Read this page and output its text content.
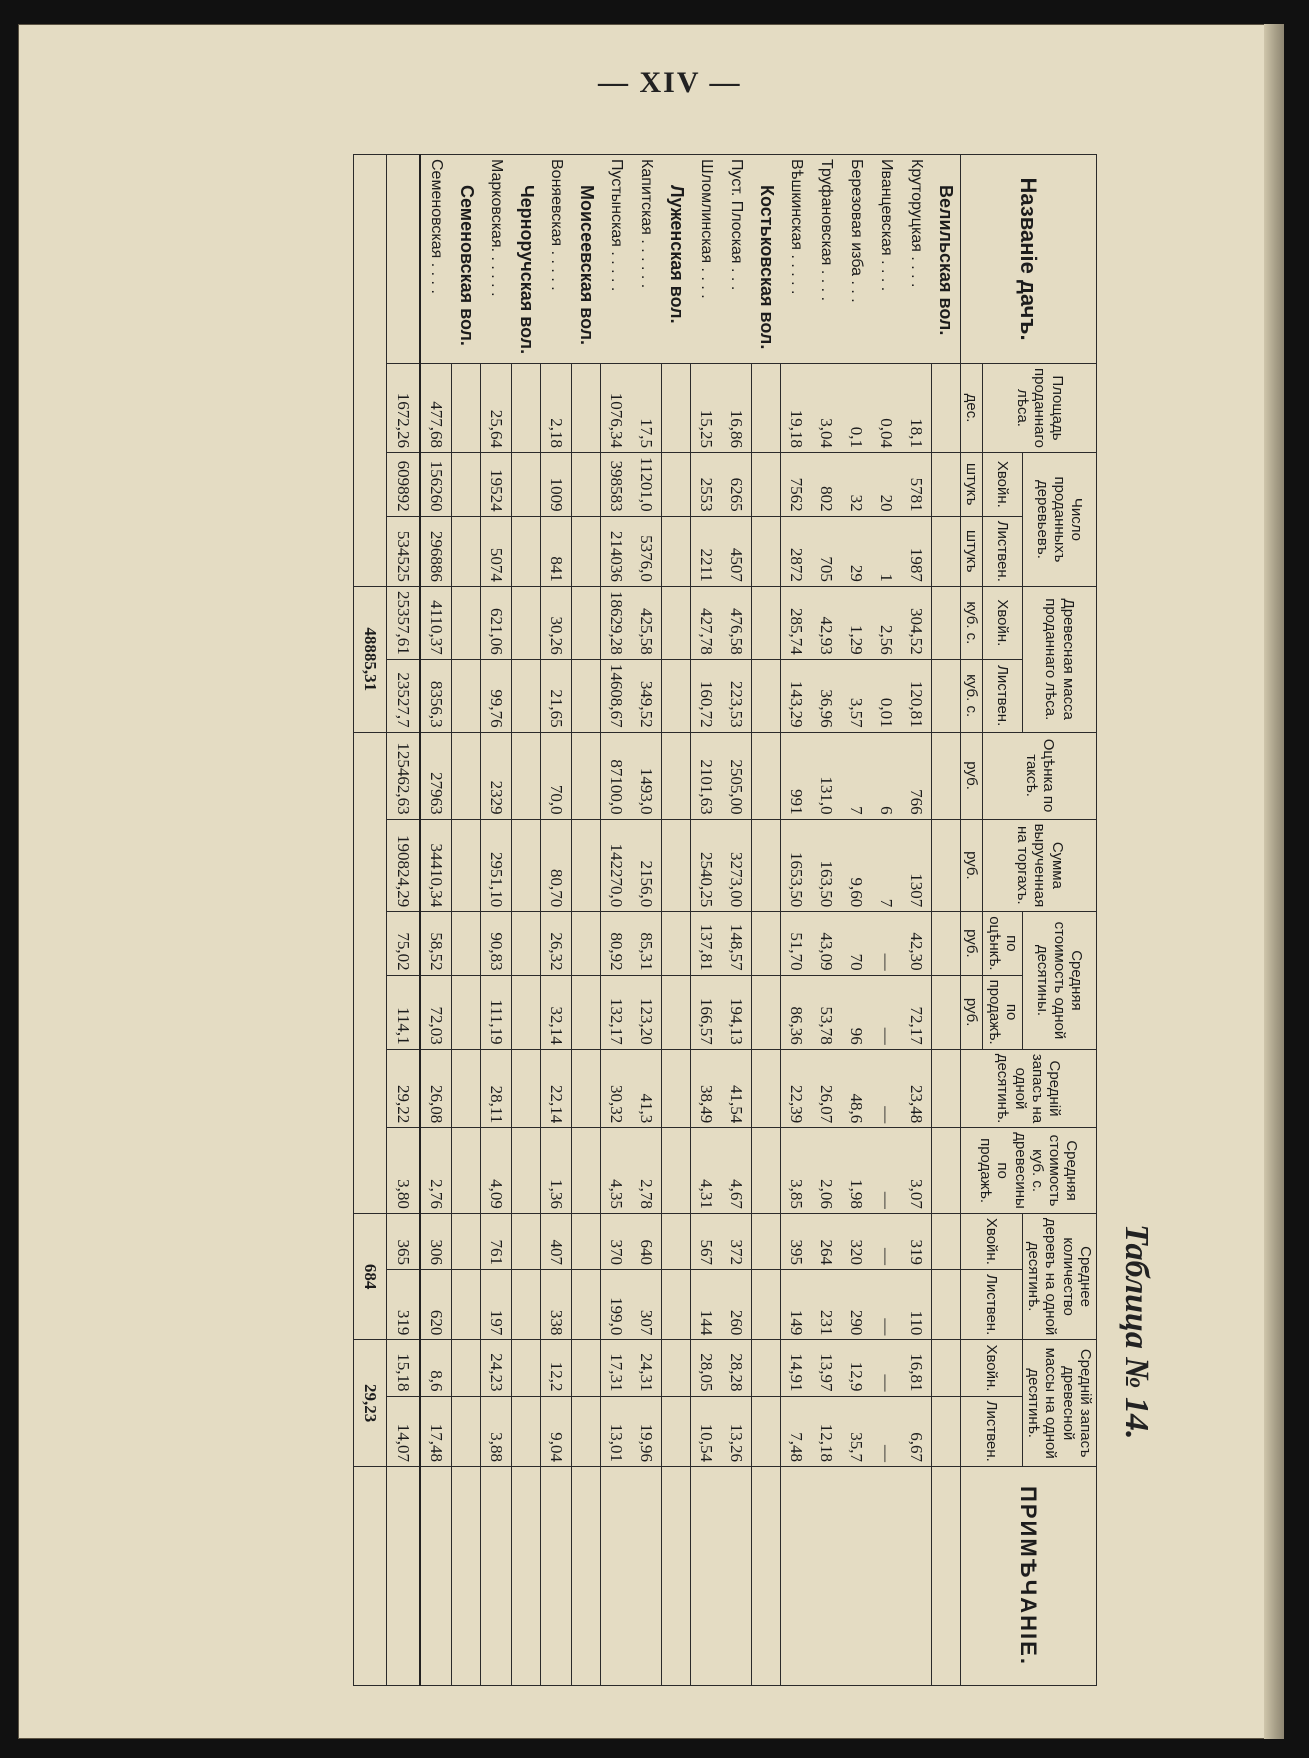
— XIV —
Таблица № 14.
Названіе дачъ.	Площадь проданнаго лѣса.	Число проданныхъ деревьевъ.		Древесная масса проданнаго лѣса.		Оцѣнка по таксѣ.	Сумма вырученная на торгахъ.	Средняя стоимость одной десятины.		Средній запасъ на одной десятинѣ.	Средняя стоимость куб. с. древесины по продажѣ.	Среднее количество деревъ на одной десятинѣ.		Средній запасъ древесной массы на одной десятинѣ.		ПРИМѢЧАНІЕ.
		Хвойн.	Листвен.	Хвойн.	Листвен.			по оцѣнкѣ.	по продажѣ.			Хвойн.	Листвен.	Хвойн.	Листвен.	
	дес.	штукъ	штукъ	куб. с.	куб. с.	руб.	руб.	руб.	руб.							
Велильская вол.																
Круторуцкая . . . .	18,1	5781	1987	304,52	120,81	766	1307	42,30	72,17	23,48	3,07	319	110	16,81	6,67	
Иванцевская . . . .	0,04	20	1	2,56	0,01	6	7	—	—	—	—	—	—	—	—	
Березовая изба . . .	0,1	32	29	1,29	3,57	7	9,60	70	96	48,6	1,98	320	290	12,9	35,7	
Труфановская . . . .	3,04	802	705	42,93	36,96	131,0	163,50	43,09	53,78	26,07	2,06	264	231	13,97	12,18	
Вѣшкинская . . . . .	19,18	7562	2872	285,74	143,29	991	1653,50	51,70	86,36	22,39	3,85	395	149	14,91	7,48	
Костьковская вол.																
Пуст. Плоская . . .	16,86	6265	4507	476,58	223,53	2505,00	3273,00	148,57	194,13	41,54	4,67	372	260	28,28	13,26	
Шломлинская . . . .	15,25	2553	2211	427,78	160,72	2101,63	2540,25	137,81	166,57	38,49	4,31	567	144	28,05	10,54	
Луженская вол.																
Капитская . . . . . .	17,5	11201,0	5376,0	425,58	349,52	1493,0	2156,0	85,31	123,20	41,3	2,78	640	307	24,31	19,96	
Пустынская . . . . .	1076,34	398583	214036	18629,28	14608,67	87100,0	142270,0	80,92	132,17	30,32	4,35	370	199,0	17,31	13,01	
Моисеевская вол.																
Воняевская . . . . .	2,18	1009	841	30,26	21,65	70,0	80,70	26,32	32,14	22,14	1,36	407	338	12,2	9,04	
Черноручская вол.																
Марковская. . . . . .	25,64	19524	5074	621,06	99,76	2329	2951,10	90,83	111,19	28,11	4,09	761	197	24,23	3,88	
Семеновская вол.																
Семеновская . . . .	477,68	156260	296886	4110,37	8356,3	27963	34410,34	58,52	72,03	26,08	2,76	306	620	8,6	17,48	
	1672,26	609892	534525	25357,61	23527,7	125462,63	190824,29	75,02	114,1	29,22	3,80	365	319	15,18	14,07	
				48885,31								684		29,23		
